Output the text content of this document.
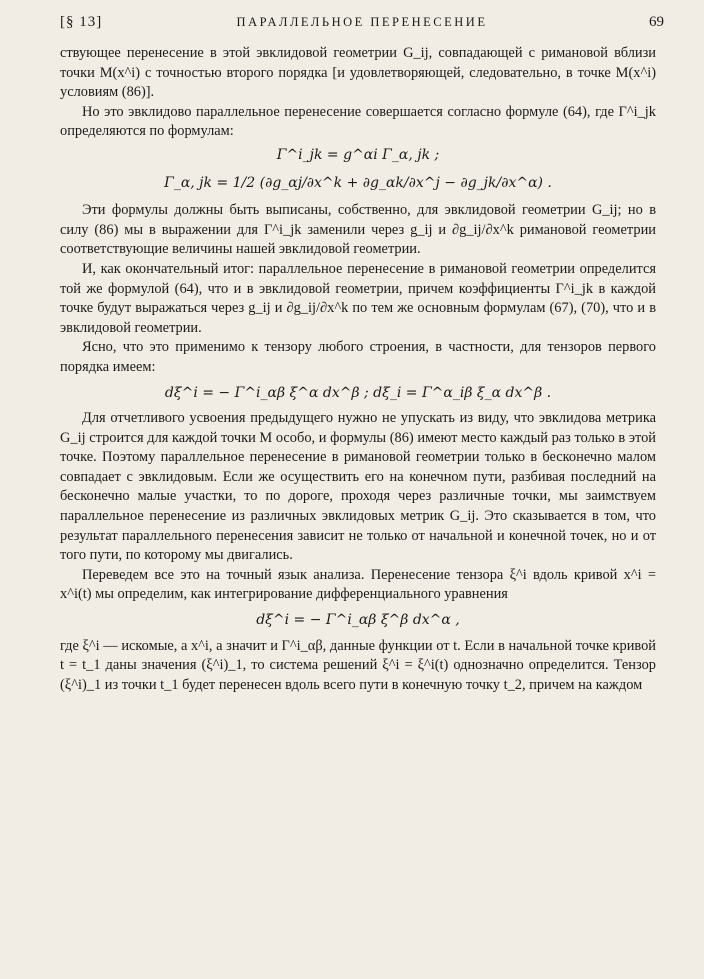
[§ 13]	ПАРАЛЛЕЛЬНОЕ ПЕРЕНЕСЕНИЕ	69

ствующее перенесение в этой эвклидовой геометрии G_ij, совпадающей с римановой вблизи точки M(x^i) с точностью второго порядка [и удовлетворяющей, следовательно, в точке M(x^i) условиям (86)].

Но это эвклидово параллельное перенесение совершается согласно формуле (64), где Γ^i_jk определяются по формулам:

Γ^i_jk = g^αi Γ_α, jk ;
Γ_α, jk = 1/2 (∂g_αj/∂x^k + ∂g_αk/∂x^j − ∂g_jk/∂x^α) .

Эти формулы должны быть выписаны, собственно, для эвклидовой геометрии G_ij; но в силу (86) мы в выражении для Γ^i_jk заменили через g_ij и ∂g_ij/∂x^k римановой геометрии соответствующие величины нашей эвклидовой геометрии.

И, как окончательный итог: параллельное перенесение в римановой геометрии определится той же формулой (64), что и в эвклидовой геометрии, причем коэффициенты Γ^i_jk в каждой точке будут выражаться через g_ij и ∂g_ij/∂x^k по тем же основным формулам (67), (70), что и в эвклидовой геометрии.

Ясно, что это применимо к тензору любого строения, в частности, для тензоров первого порядка имеем:

dξ^i = − Γ^i_αβ ξ^α dx^β ; dξ_i = Γ^α_iβ ξ_α dx^β .

Для отчетливого усвоения предыдущего нужно не упускать из виду, что эвклидова метрика G_ij строится для каждой точки M особо, и формулы (86) имеют место каждый раз только в этой точке. Поэтому параллельное перенесение в римановой геометрии только в бесконечно малом совпадает с эвклидовым. Если же осуществить его на конечном пути, разбивая последний на бесконечно малые участки, то по дороге, проходя через различные точки, мы заимствуем параллельное перенесение из различных эвклидовых метрик G_ij. Это сказывается в том, что результат параллельного перенесения зависит не только от начальной и конечной точек, но и от того пути, по которому мы двигались.

Переведем все это на точный язык анализа. Перенесение тензора ξ^i вдоль кривой x^i = x^i(t) мы определим, как интегрирование дифференциального уравнения

dξ^i = − Γ^i_αβ ξ^β dx^α ,

где ξ^i — искомые, а x^i, а значит и Γ^i_αβ, данные функции от t. Если в начальной точке кривой t = t_1 даны значения (ξ^i)_1, то система решений ξ^i = ξ^i(t) однозначно определится. Тензор (ξ^i)_1 из точки t_1 будет перенесен вдоль всего пути в конечную точку t_2, причем на каждом
